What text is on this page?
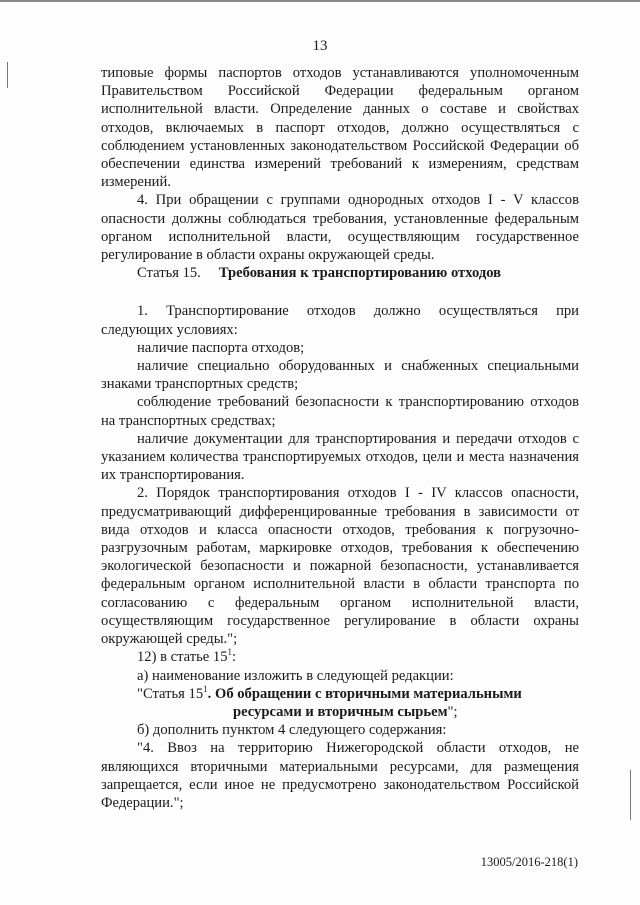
13

типовые формы паспортов отходов устанавливаются уполномоченным Правительством Российской Федерации федеральным органом исполнительной власти. Определение данных о составе и свойствах отходов, включаемых в паспорт отходов, должно осуществляться с соблюдением установленных законодательством Российской Федерации об обеспечении единства измерений требований к измерениям, средствам измерений.

4. При обращении с группами однородных отходов I - V классов опасности должны соблюдаться требования, установленные федеральным органом исполнительной власти, осуществляющим государственное регулирование в области охраны окружающей среды.

Статья 15. Требования к транспортированию отходов

1. Транспортирование отходов должно осуществляться при следующих условиях:

наличие паспорта отходов;

наличие специально оборудованных и снабженных специальными знаками транспортных средств;

соблюдение требований безопасности к транспортированию отходов на транспортных средствах;

наличие документации для транспортирования и передачи отходов с указанием количества транспортируемых отходов, цели и места назначения их транспортирования.

2. Порядок транспортирования отходов I - IV классов опасности, предусматривающий дифференцированные требования в зависимости от вида отходов и класса опасности отходов, требования к погрузочно-разгрузочным работам, маркировке отходов, требования к обеспечению экологической безопасности и пожарной безопасности, устанавливается федеральным органом исполнительной власти в области транспорта по согласованию с федеральным органом исполнительной власти, осуществляющим государственное регулирование в области охраны окружающей среды.";

12) в статье $15^1$:

а) наименование изложить в следующей редакции:

"Статья $15^1$. Об обращении с вторичными материальными
ресурсами и вторичным сырьем";

б) дополнить пунктом 4 следующего содержания:

"4. Ввоз на территорию Нижегородской области отходов, не являющихся вторичными материальными ресурсами, для размещения запрещается, если иное не предусмотрено законодательством Российской Федерации.";

13005/2016-218(1)
